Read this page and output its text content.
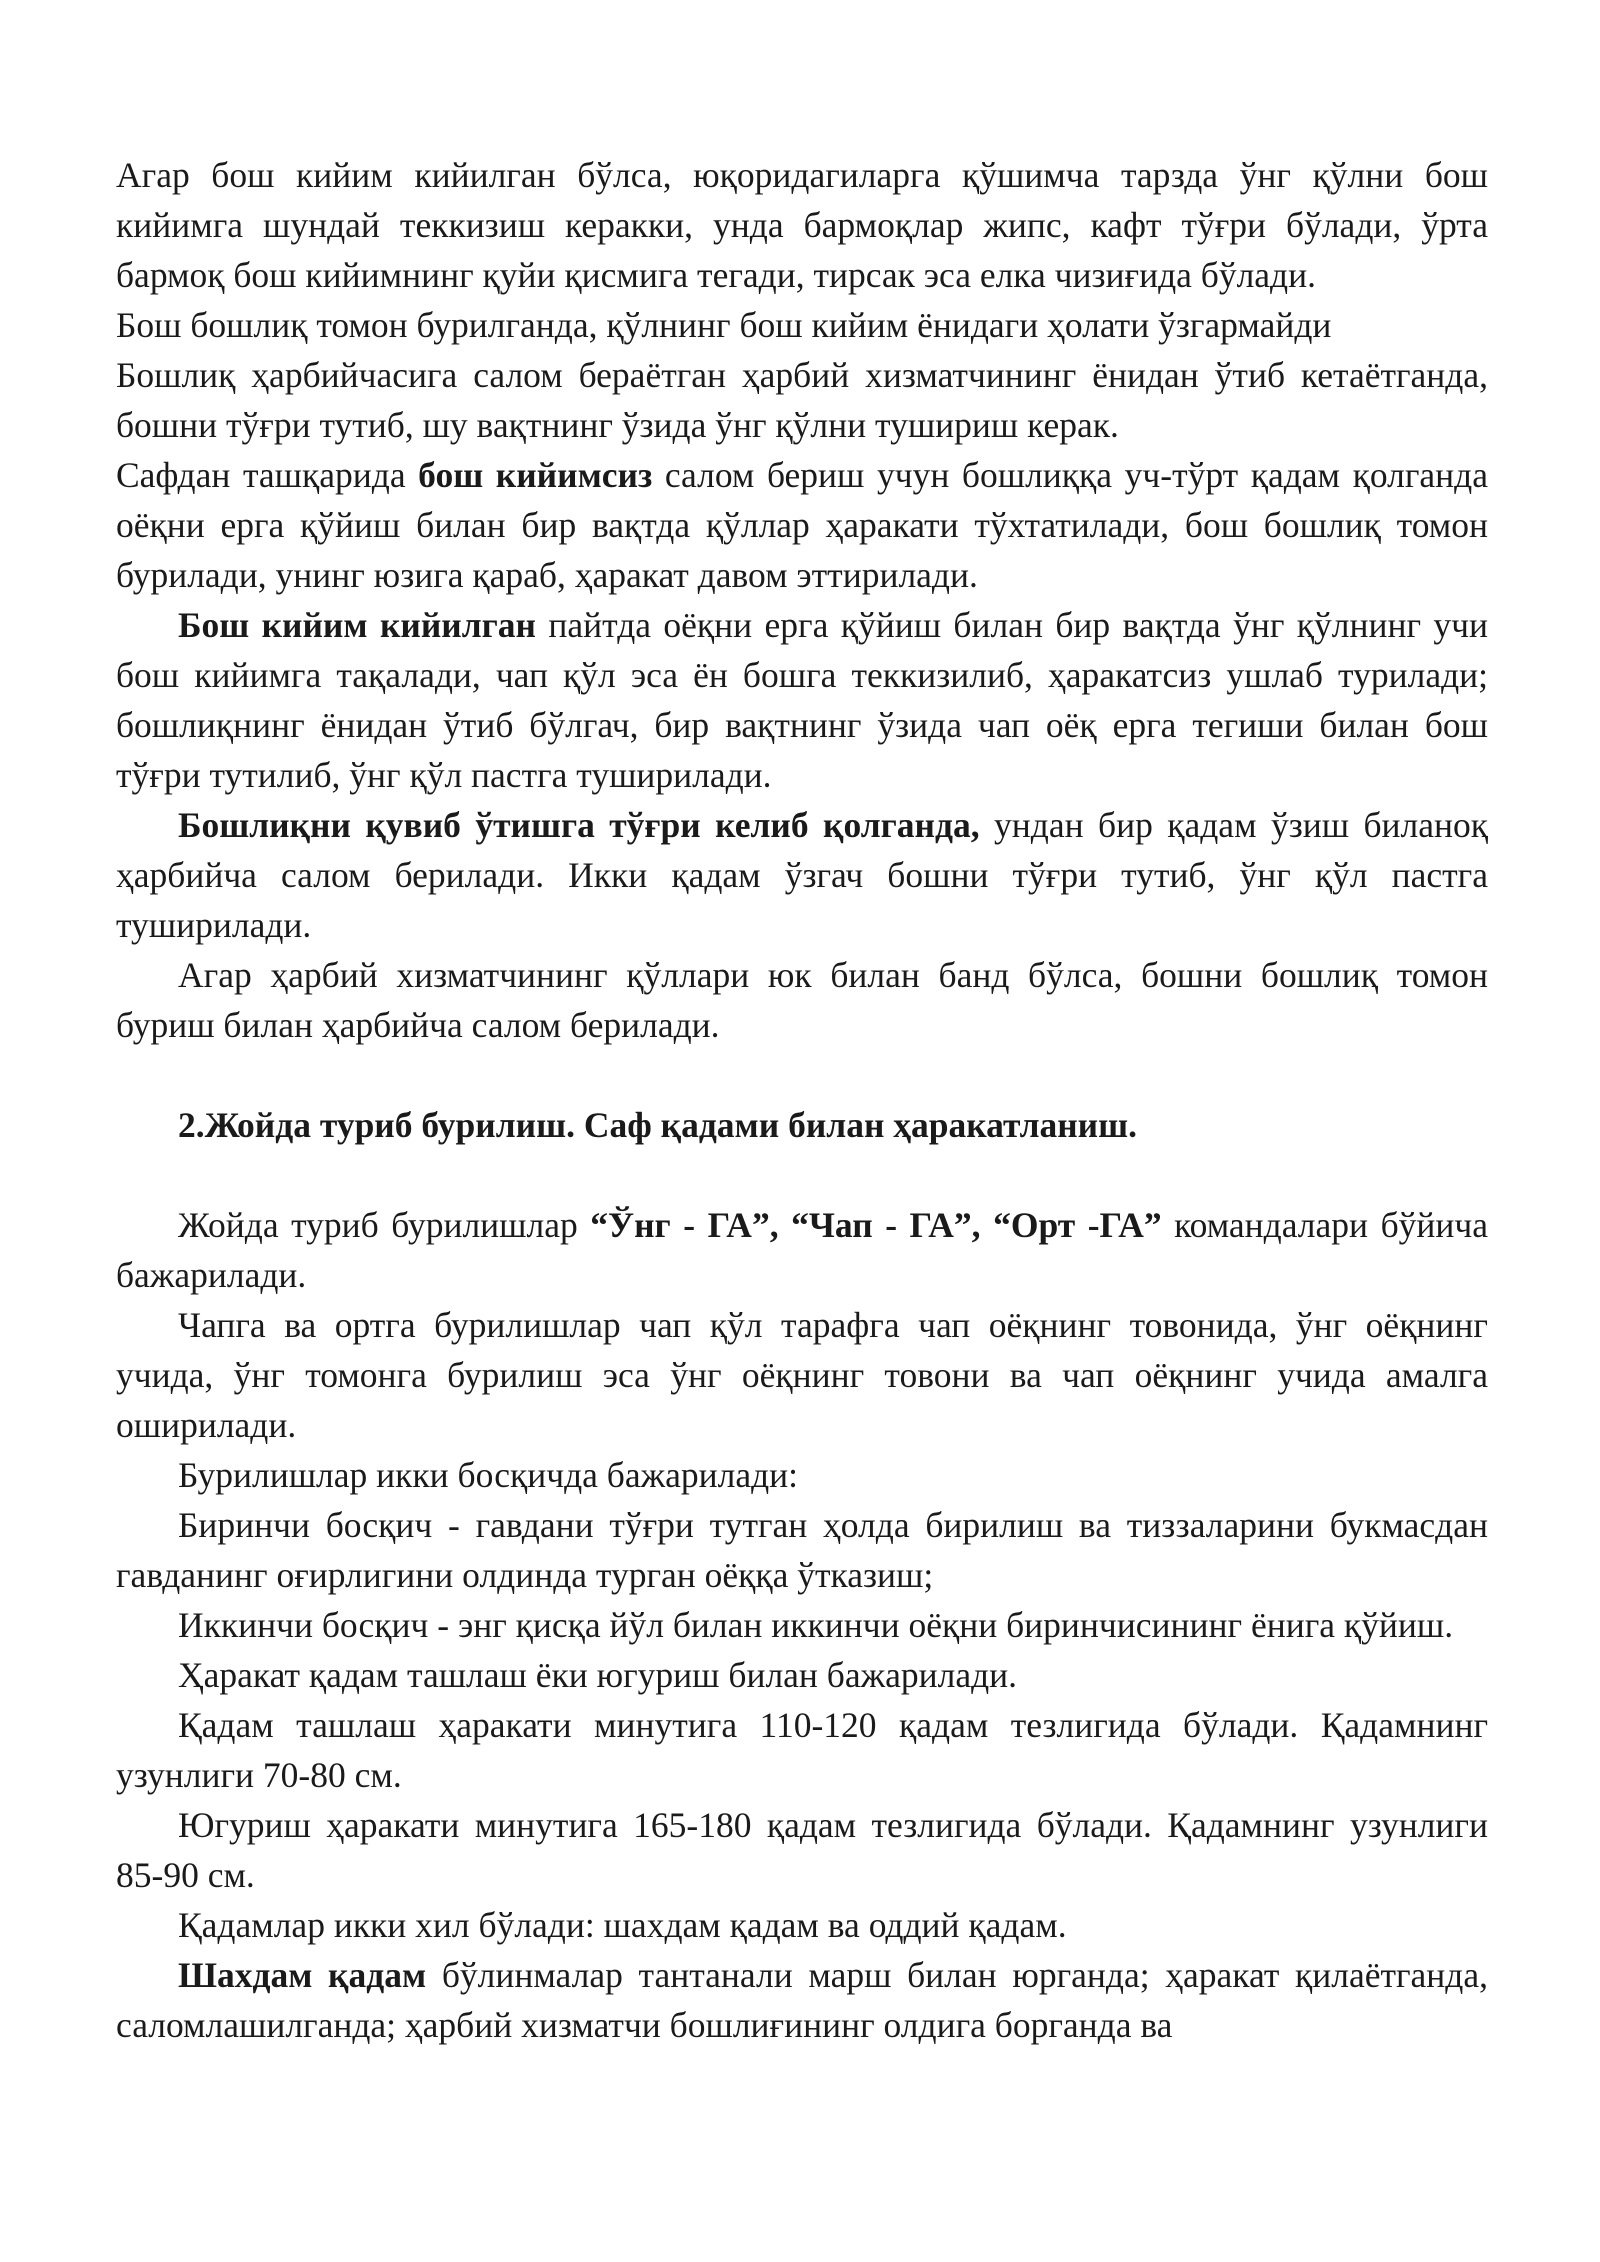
Агар бош кийим кийилган бўлса, юқоридагиларга қўшимча тарзда ўнг қўлни бош кийимга шундай теккизиш керакки, унда бармоқлар жипс, кафт тўғри бўлади, ўрта бармоқ бош кийимнинг қуйи қисмига тегади, тирсак эса елка чизиғида бўлади.

Бош бошлиқ томон бурилганда, қўлнинг бош кийим ёнидаги ҳолати ўзгармайди

Бошлиқ ҳарбийчасига салом бераётган ҳарбий хизматчининг ёнидан ўтиб кетаётганда, бошни тўғри тутиб, шу вақтнинг ўзида ўнг қўлни тушириш керак.

Сафдан ташқарида бош кийимсиз салом бериш учун бошлиққа уч-тўрт қадам қолганда оёқни ерга қўйиш билан бир вақтда қўллар ҳаракати тўхтатилади, бош бошлиқ томон бурилади, унинг юзига қараб, ҳаракат давом эттирилади.

Бош кийим кийилган пайтда оёқни ерга қўйиш билан бир вақтда ўнг қўлнинг учи бош кийимга тақалади, чап қўл эса ён бошга теккизилиб, ҳаракатсиз ушлаб турилади; бошлиқнинг ёнидан ўтиб бўлгач, бир вақтнинг ўзида чап оёқ ерга тегиши билан бош тўғри тутилиб, ўнг қўл пастга туширилади.

Бошлиқни қувиб ўтишга тўғри келиб қолганда, ундан бир қадам ўзиш биланоқ ҳарбийча салом берилади. Икки қадам ўзгач бошни тўғри тутиб, ўнг қўл пастга туширилади.

Агар ҳарбий хизматчининг қўллари юк билан банд бўлса, бошни бошлиқ томон буриш билан ҳарбийча салом берилади.

2.Жойда туриб бурилиш. Саф қадами билан ҳаракатланиш.

Жойда туриб бурилишлар “Ўнг - ГА”, “Чап - ГА”, “Орт -ГА” командалари бўйича бажарилади.

Чапга ва ортга бурилишлар чап қўл тарафга чап оёқнинг товонида, ўнг оёқнинг учида, ўнг томонга бурилиш эса ўнг оёқнинг товони ва чап оёқнинг учида амалга оширилади.

Бурилишлар икки босқичда бажарилади:

Биринчи босқич - гавдани тўғри тутган ҳолда бирилиш ва тиззаларини букмасдан гавданинг оғирлигини олдинда турган оёққа ўтказиш;

Иккинчи босқич - энг қисқа йўл билан иккинчи оёқни биринчисининг ёнига қўйиш.

Ҳаракат қадам ташлаш ёки югуриш билан бажарилади.

Қадам ташлаш ҳаракати минутига 110-120 қадам тезлигида бўлади. Қадамнинг узунлиги 70-80 см.

Югуриш ҳаракати минутига 165-180 қадам тезлигида бўлади. Қадамнинг узунлиги 85-90 см.

Қадамлар икки хил бўлади: шахдам қадам ва оддий қадам.

Шахдам қадам бўлинмалар тантанали марш билан юрганда; ҳаракат қилаётганда, саломлашилганда; ҳарбий хизматчи бошлиғининг олдига борганда ва
